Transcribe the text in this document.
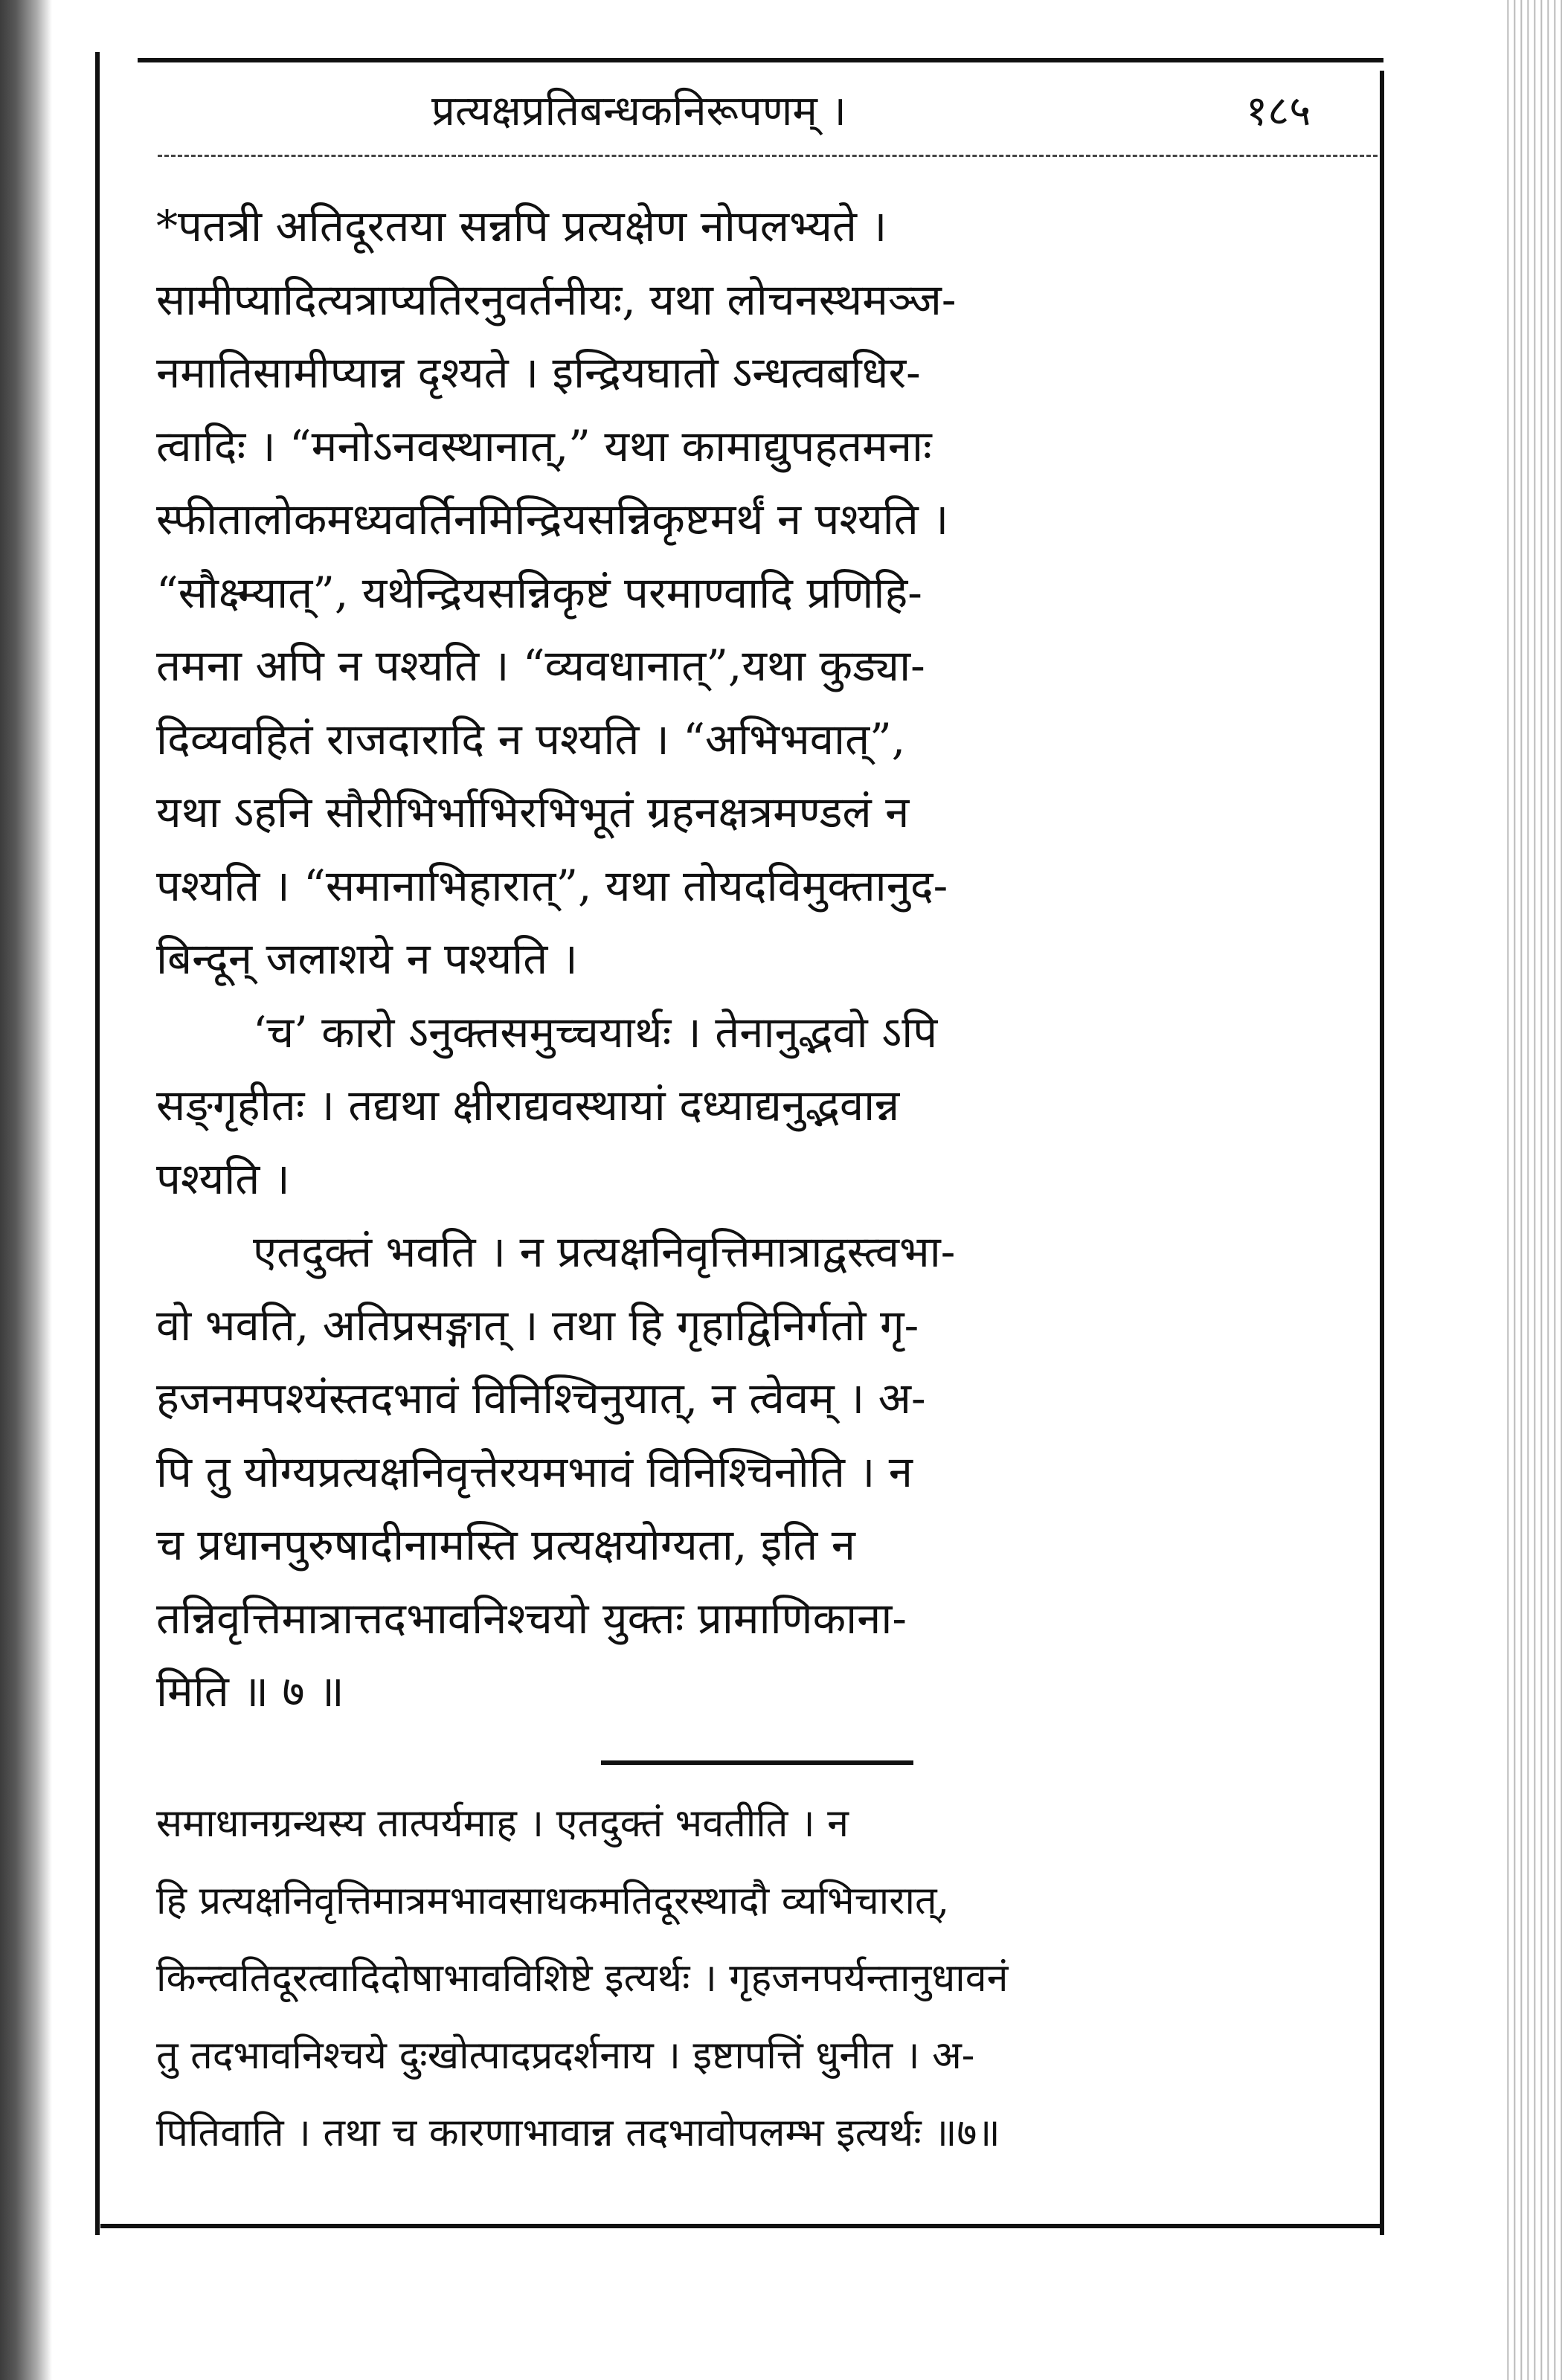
प्रत्यक्षप्रतिबन्धकनिरूपणम् ।	१८५
*पतत्री अतिदूरतया सन्नपि प्रत्यक्षेण नोपलभ्यते ।
सामीप्यादित्यत्राप्यतिरनुवर्तनीयः, यथा लोचनस्थमञ्ज-
नमातिसामीप्यान्न दृश्यते । इन्द्रियघातो ऽन्धत्वबधिर-
त्वादिः । “मनोऽनवस्थानात्,” यथा कामाद्युपहतमनाः
स्फीतालोकमध्यवर्तिनमिन्द्रियसन्निकृष्टमर्थं न पश्यति ।
“सौक्ष्म्यात्”, यथेन्द्रियसन्निकृष्टं परमाण्वादि प्रणिहि-
तमना अपि न पश्यति । “व्यवधानात्”,यथा कुड्या-
दिव्यवहितं राजदारादि न पश्यति । “अभिभवात्”,
यथा ऽहनि सौरीभिर्भाभिरभिभूतं ग्रहनक्षत्रमण्डलं न
पश्यति । “समानाभिहारात्”, यथा तोयदविमुक्तानुद-
बिन्दून् जलाशये न पश्यति ।
‘च’ कारो ऽनुक्तसमुच्चयार्थः । तेनानुद्भवो ऽपि
सङ्गृहीतः । तद्यथा क्षीराद्यवस्थायां दध्याद्यनुद्भवान्न
पश्यति ।
एतदुक्तं भवति । न प्रत्यक्षनिवृत्तिमात्राद्वस्त्वभा-
वो भवति, अतिप्रसङ्गात् । तथा हि गृहाद्विनिर्गतो गृ-
हजनमपश्यंस्तदभावं विनिश्चिनुयात्, न त्वेवम् । अ-
पि तु योग्यप्रत्यक्षनिवृत्तेरयमभावं विनिश्चिनोति । न
च प्रधानपुरुषादीनामस्ति प्रत्यक्षयोग्यता, इति न
तन्निवृत्तिमात्रात्तदभावनिश्चयो युक्तः प्रामाणिकाना-
मिति ॥ ७ ॥
समाधानग्रन्थस्य तात्पर्यमाह । एतदुक्तं भवतीति । न
हि प्रत्यक्षनिवृत्तिमात्रमभावसाधकमतिदूरस्थादौ व्यभिचारात्,
किन्त्वतिदूरत्वादिदोषाभावविशिष्टे इत्यर्थः । गृहजनपर्यन्तानुधावनं
तु तदभावनिश्चये दुःखोत्पादप्रदर्शनाय । इष्टापत्तिं धुनीत । अ-
पितिवाति । तथा च कारणाभावान्न तदभावोपलम्भ इत्यर्थः ॥७॥
